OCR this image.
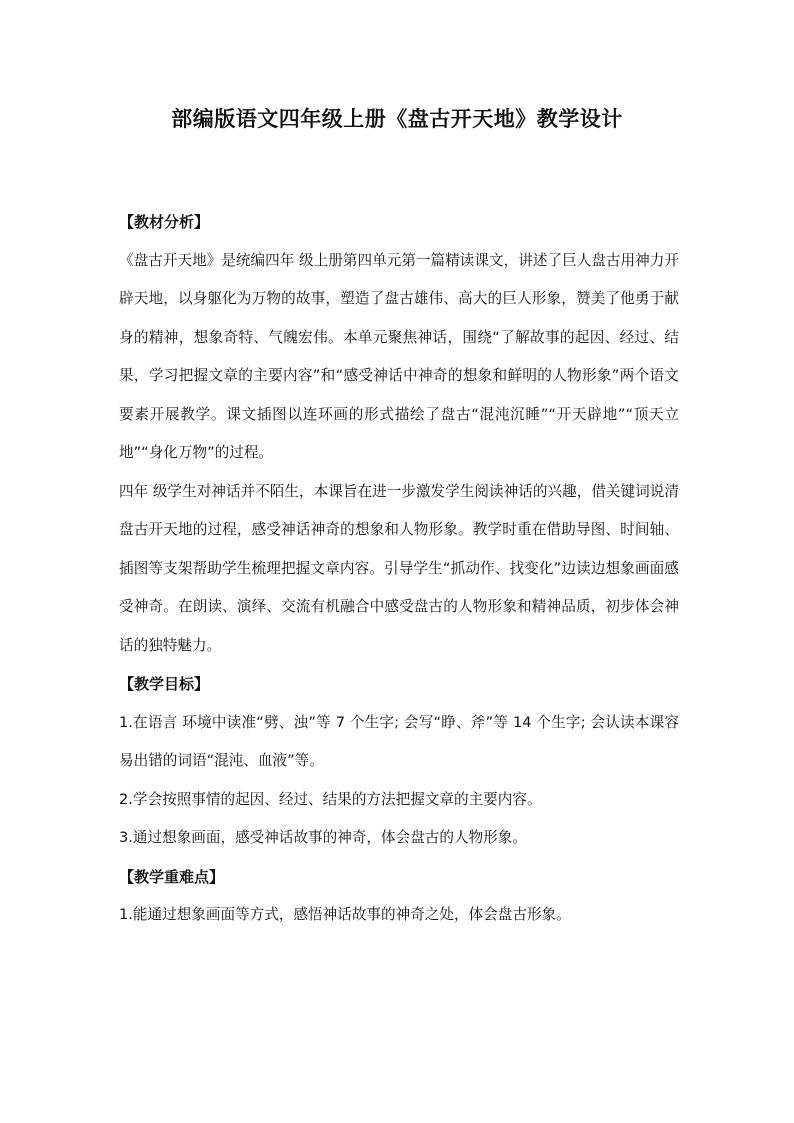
部编版语文四年级上册《盘古开天地》教学设计
【教材分析】
《盘古开天地》是统编四年 级上册第四单元第一篇精读课文，讲述了巨人盘古用神力开辟天地，以身躯化为万物的故事，塑造了盘古雄伟、高大的巨人形象，赞美了他勇于献身的精神，想象奇特、气魄宏伟。本单元聚焦神话，围绕“了解故事的起因、经过、结果，学习把握文章的主要内容”和“感受神话中神奇的想象和鲜明的人物形象”两个语文要素开展教学。课文插图以连环画的形式描绘了盘古“混沌沉睡”“开天辟地”“顶天立地”“身化万物”的过程。
四年 级学生对神话并不陌生，本课旨在进一步激发学生阅读神话的兴趣，借关键词说清盘古开天地的过程，感受神话神奇的想象和人物形象。教学时重在借助导图、时间轴、插图等支架帮助学生梳理把握文章内容。引导学生“抓动作、找变化”边读边想象画面感受神奇。在朗读、演绎、交流有机融合中感受盘古的人物形象和精神品质，初步体会神话的独特魅力。
【教学目标】
1.在语言 环境中读准“劈、浊”等 7 个生字; 会写“睁、斧”等 14 个生字; 会认读本课容易出错的词语“混沌、血液”等。
2.学会按照事情的起因、经过、结果的方法把握文章的主要内容。
3.通过想象画面，感受神话故事的神奇，体会盘古的人物形象。
【教学重难点】
1.能通过想象画面等方式，感悟神话故事的神奇之处，体会盘古形象。
